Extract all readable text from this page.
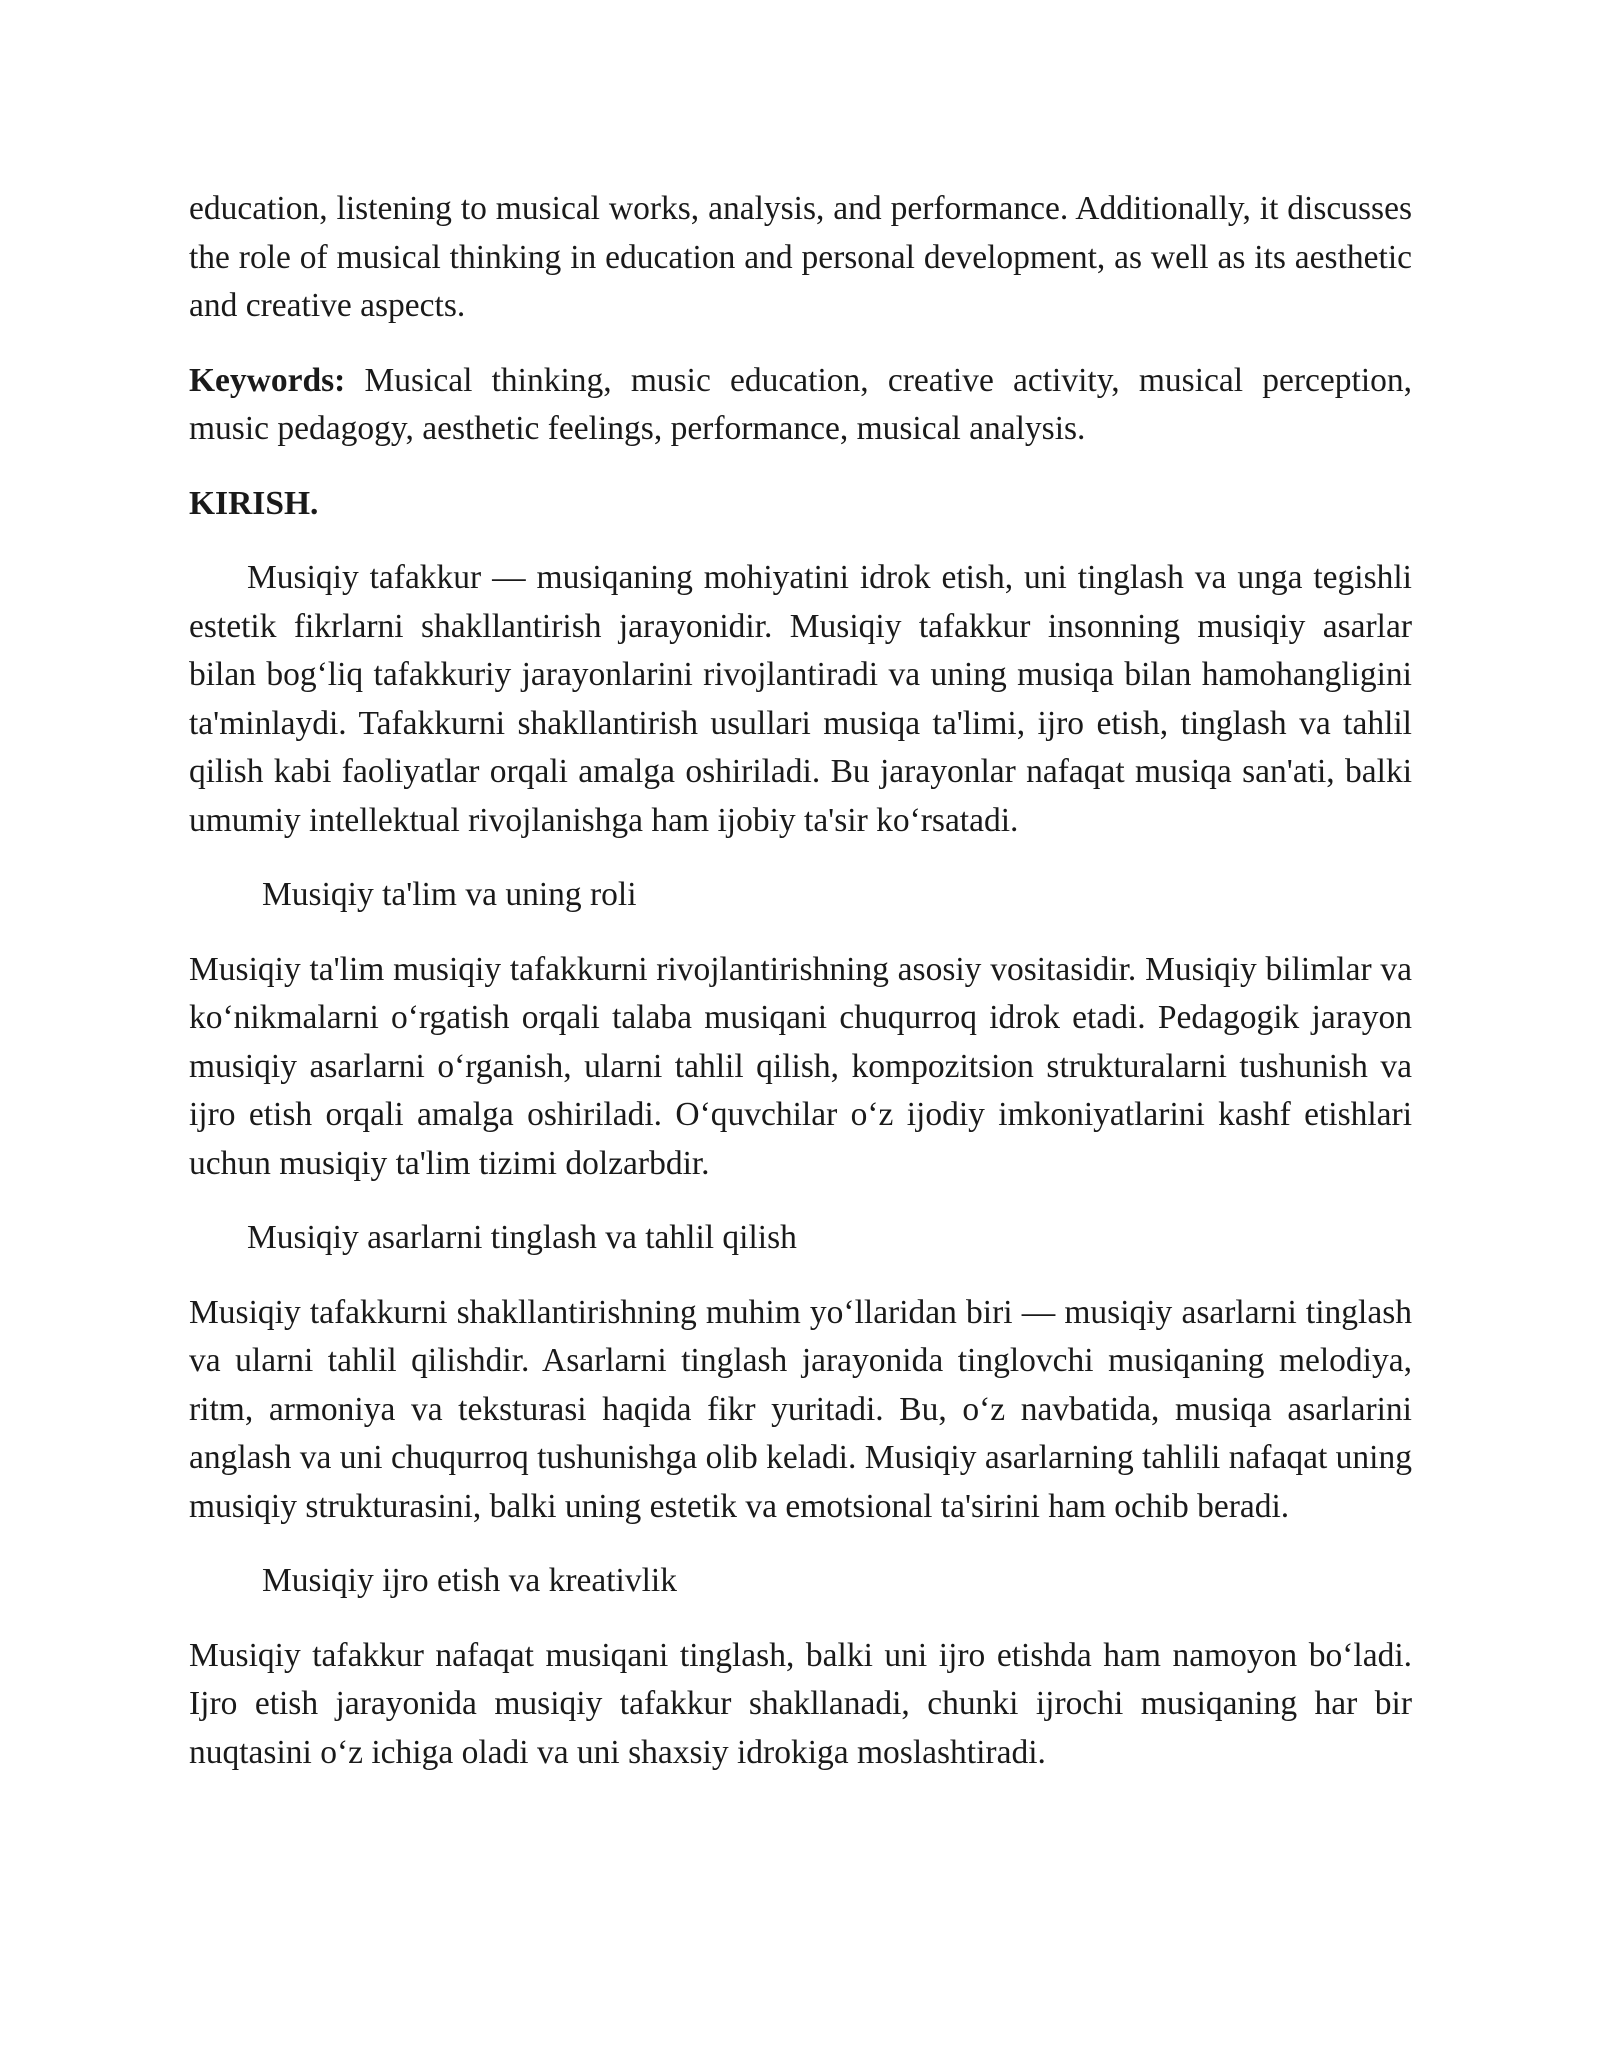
education, listening to musical works, analysis, and performance. Additionally, it discusses the role of musical thinking in education and personal development, as well as its aesthetic and creative aspects.

Keywords: Musical thinking, music education, creative activity, musical perception, music pedagogy, aesthetic feelings, performance, musical analysis.

KIRISH.

Musiqiy tafakkur — musiqaning mohiyatini idrok etish, uni tinglash va unga tegishli estetik fikrlarni shakllantirish jarayonidir. Musiqiy tafakkur insonning musiqiy asarlar bilan bog‘liq tafakkuriy jarayonlarini rivojlantiradi va uning musiqa bilan hamohangligini ta'minlaydi. Tafakkurni shakllantirish usullari musiqa ta'limi, ijro etish, tinglash va tahlil qilish kabi faoliyatlar orqali amalga oshiriladi. Bu jarayonlar nafaqat musiqa san'ati, balki umumiy intellektual rivojlanishga ham ijobiy ta'sir ko‘rsatadi.

Musiqiy ta'lim va uning roli

Musiqiy ta'lim musiqiy tafakkurni rivojlantirishning asosiy vositasidir. Musiqiy bilimlar va ko‘nikmalarni o‘rgatish orqali talaba musiqani chuqurroq idrok etadi. Pedagogik jarayon musiqiy asarlarni o‘rganish, ularni tahlil qilish, kompozitsion strukturalarni tushunish va ijro etish orqali amalga oshiriladi. O‘quvchilar o‘z ijodiy imkoniyatlarini kashf etishlari uchun musiqiy ta'lim tizimi dolzarbdir.

Musiqiy asarlarni tinglash va tahlil qilish

Musiqiy tafakkurni shakllantirishning muhim yo‘llaridan biri — musiqiy asarlarni tinglash va ularni tahlil qilishdir. Asarlarni tinglash jarayonida tinglovchi musiqaning melodiya, ritm, armoniya va teksturasi haqida fikr yuritadi. Bu, o‘z navbatida, musiqa asarlarini anglash va uni chuqurroq tushunishga olib keladi. Musiqiy asarlarning tahlili nafaqat uning musiqiy strukturasini, balki uning estetik va emotsional ta'sirini ham ochib beradi.

Musiqiy ijro etish va kreativlik

Musiqiy tafakkur nafaqat musiqani tinglash, balki uni ijro etishda ham namoyon bo‘ladi. Ijro etish jarayonida musiqiy tafakkur shakllanadi, chunki ijrochi musiqaning har bir nuqtasini o‘z ichiga oladi va uni shaxsiy idrokiga moslashtiradi.
